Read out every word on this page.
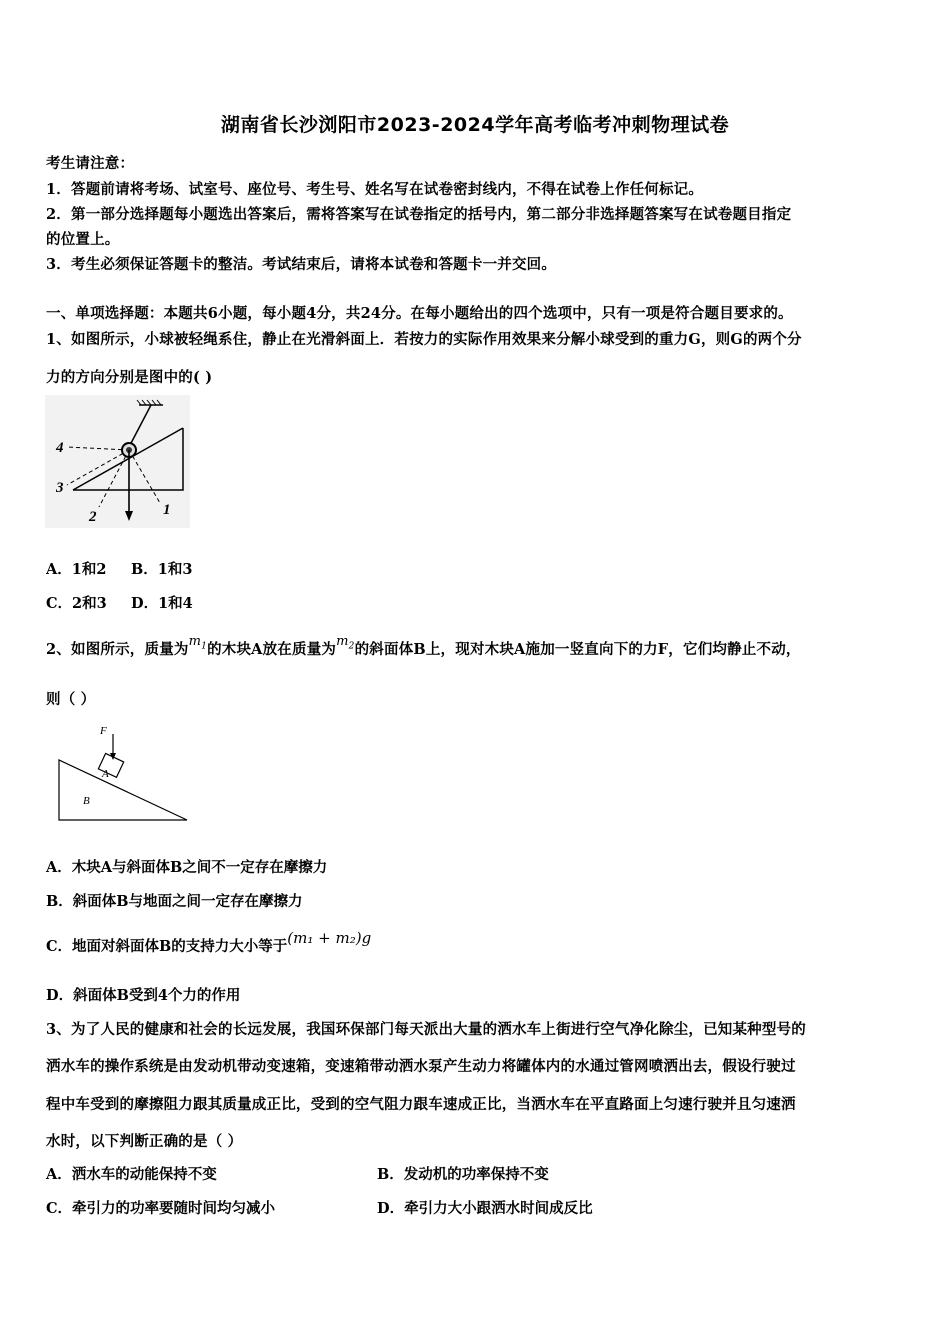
湖南省长沙浏阳市2023-2024学年高考临考冲刺物理试卷
考生请注意：
1．答题前请将考场、试室号、座位号、考生号、姓名写在试卷密封线内，不得在试卷上作任何标记。
2．第一部分选择题每小题选出答案后，需将答案写在试卷指定的括号内，第二部分非选择题答案写在试卷题目指定
的位置上。
3．考生必须保证答题卡的整洁。考试结束后，请将本试卷和答题卡一并交回。
一、单项选择题：本题共6小题，每小题4分，共24分。在每小题给出的四个选项中，只有一项是符合题目要求的。
1、如图所示，小球被轻绳系住，静止在光滑斜面上．若按力的实际作用效果来分解小球受到的重力G，则G的两个分
力的方向分别是图中的( )
4
3
2	1
A．1和2 B．1和3
C．2和3 D．1和4
2、如图所示，质量为$m_1$的木块A放在质量为$m_2$的斜面体B上，现对木块A施加一竖直向下的力F，它们均静止不动，
则（ ）
F
A
B
A．木块A与斜面体B之间不一定存在摩擦力
B．斜面体B与地面之间一定存在摩擦力
C．地面对斜面体B的支持力大小等于(m₁ + m₂)g
D．斜面体B受到4个力的作用
3、为了人民的健康和社会的长远发展，我国环保部门每天派出大量的洒水车上街进行空气净化除尘，已知某种型号的
洒水车的操作系统是由发动机带动变速箱，变速箱带动洒水泵产生动力将罐体内的水通过管网喷洒出去，假设行驶过
程中车受到的摩擦阻力跟其质量成正比，受到的空气阻力跟车速成正比，当洒水车在平直路面上匀速行驶并且匀速洒
水时，以下判断正确的是（ ）
A．洒水车的动能保持不变	B．发动机的功率保持不变
C．牵引力的功率要随时间均匀减小	D．牵引力大小跟洒水时间成反比
